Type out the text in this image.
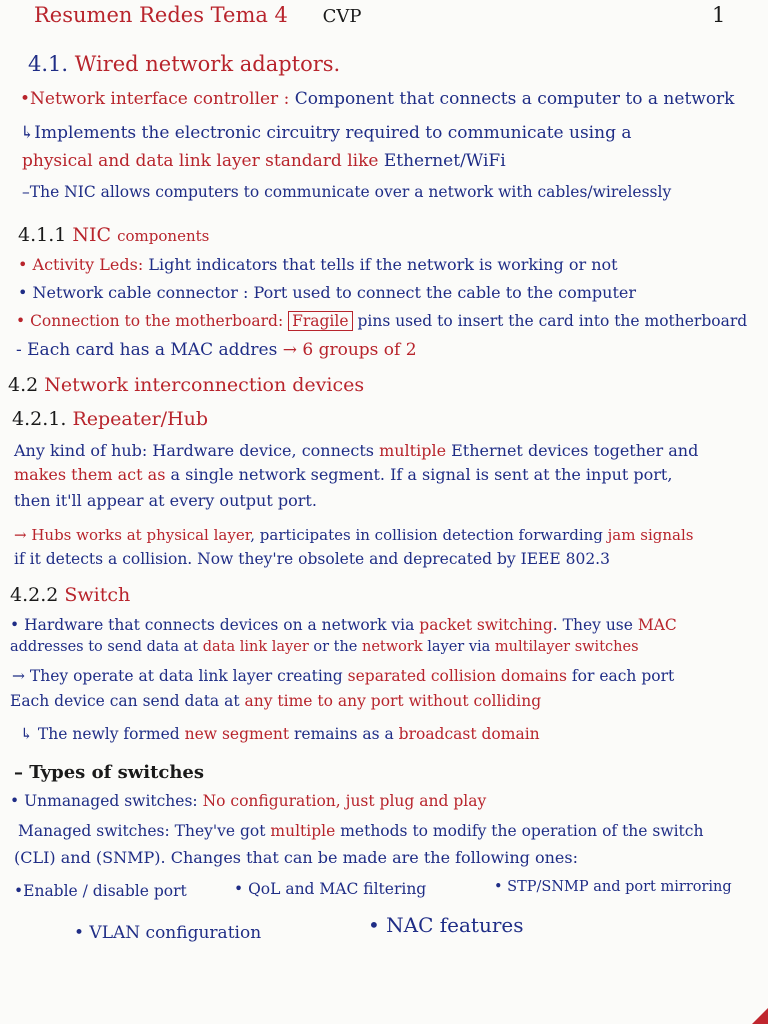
Resumen Redes Tema 4 CVP	1
4.1. Wired network adaptors.
•Network interface controller : Component that connects a computer to a network
↳Implements the electronic circuitry required to communicate using a
physical and data link layer standard like Ethernet/WiFi
–The NIC allows computers to communicate over a network with cables/wirelessly
4.1.1 NIC components
• Activity Leds: Light indicators that tells if the network is working or not
• Network cable connector : Port used to connect the cable to the computer
• Connection to the motherboard: Fragile pins used to insert the card into the motherboard
- Each card has a MAC addres → 6 groups of 2
4.2 Network interconnection devices
4.2.1. Repeater/Hub
Any kind of hub: Hardware device, connects multiple Ethernet devices together and
makes them act as a single network segment. If a signal is sent at the input port,
then it'll appear at every output port.
→ Hubs works at physical layer, participates in collision detection forwarding jam signals
if it detects a collision. Now they're obsolete and deprecated by IEEE 802.3
4.2.2 Switch
• Hardware that connects devices on a network via packet switching. They use MAC
addresses to send data at data link layer or the network layer via multilayer switches
→ They operate at data link layer creating separated collision domains for each port
Each device can send data at any time to any port without colliding
↳ The newly formed new segment remains as a broadcast domain
– Types of switches
• Unmanaged switches: No configuration, just plug and play
Managed switches: They've got multiple methods to modify the operation of the switch
(CLI) and (SNMP). Changes that can be made are the following ones:
•Enable / disable port	• QoL and MAC filtering	• STP/SNMP and port mirroring
• VLAN configuration	• NAC features
